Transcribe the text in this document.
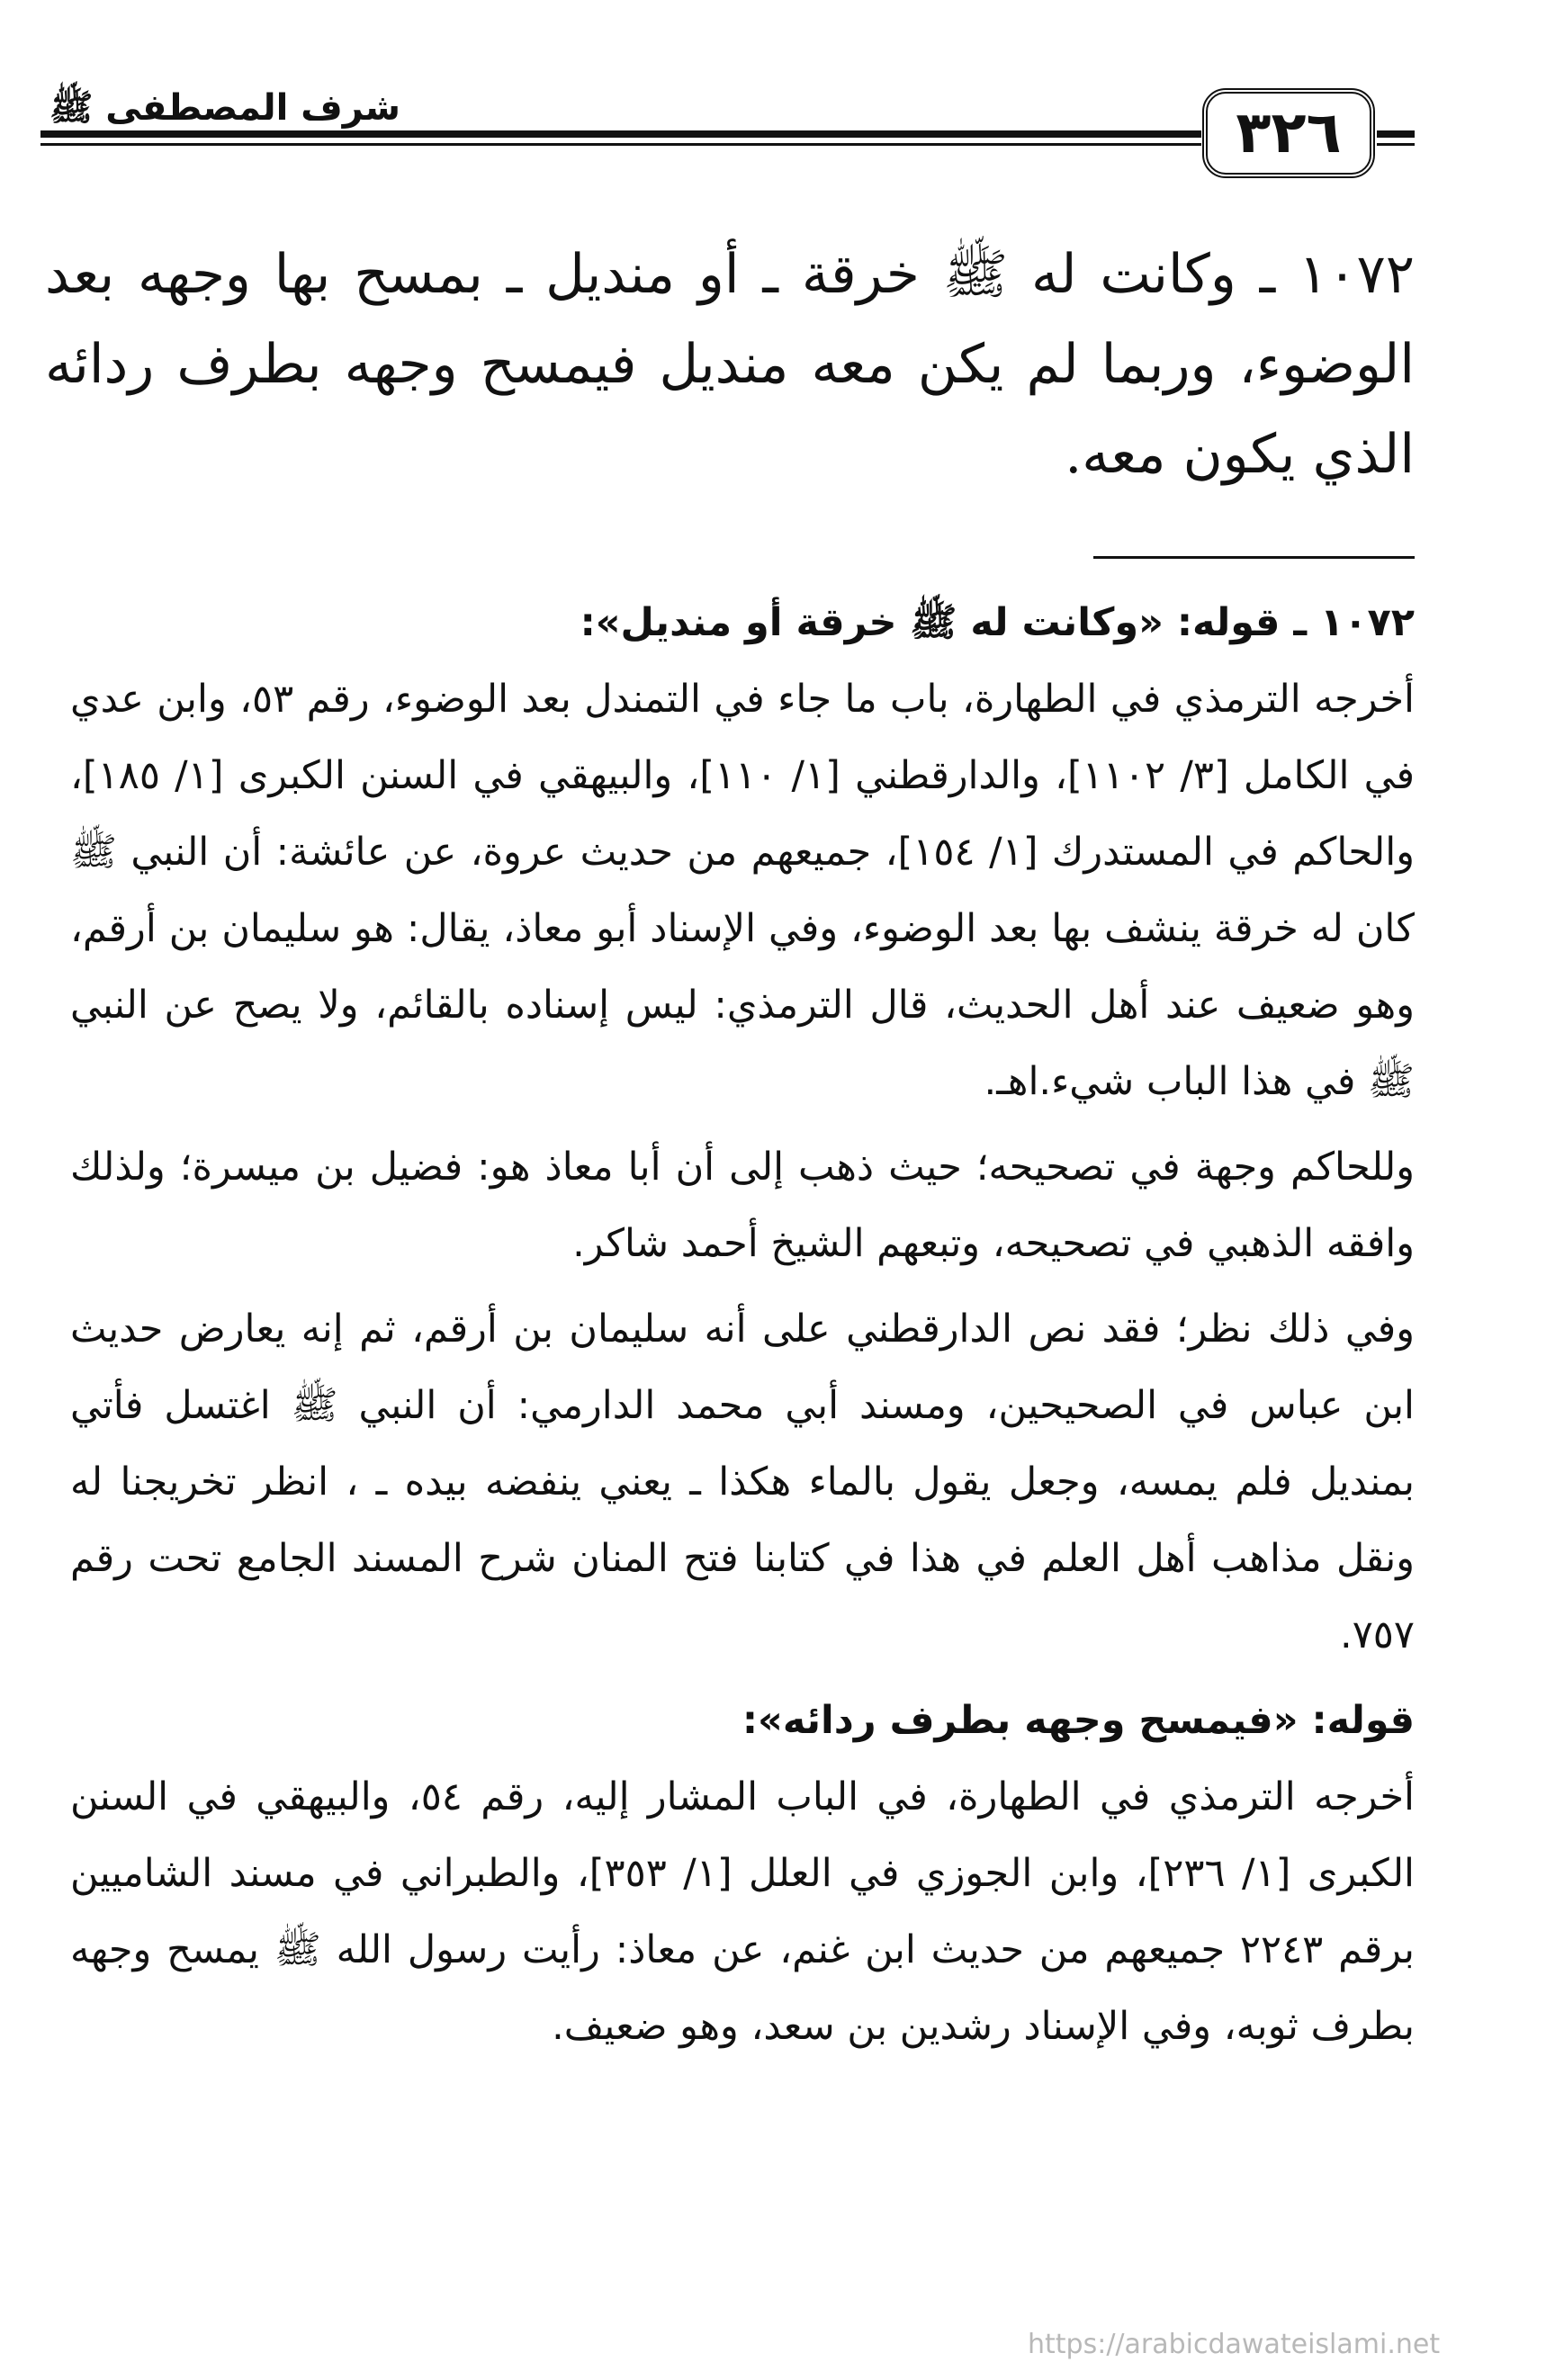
شرف المصطفى ﷺ	٣٢٦
١٠٧٢ ـ وكانت له ﷺ خرقة ـ أو منديل ـ بمسح بها وجهه بعد الوضوء، وربما لم يكن معه منديل فيمسح وجهه بطرف ردائه الذي يكون معه.

١٠٧٢ ـ قوله: «وكانت له ﷺ خرقة أو منديل»:

أخرجه الترمذي في الطهارة، باب ما جاء في التمندل بعد الوضوء، رقم ٥٣، وابن عدي في الكامل [٣/ ١١٠٢]، والدارقطني [١/ ١١٠]، والبيهقي في السنن الكبرى [١/ ١٨٥]، والحاكم في المستدرك [١/ ١٥٤]، جميعهم من حديث عروة، عن عائشة: أن النبي ﷺ كان له خرقة ينشف بها بعد الوضوء، وفي الإسناد أبو معاذ، يقال: هو سليمان بن أرقم، وهو ضعيف عند أهل الحديث، قال الترمذي: ليس إسناده بالقائم، ولا يصح عن النبي ﷺ في هذا الباب شيء.اهـ.

وللحاكم وجهة في تصحيحه؛ حيث ذهب إلى أن أبا معاذ هو: فضيل بن ميسرة؛ ولذلك وافقه الذهبي في تصحيحه، وتبعهم الشيخ أحمد شاكر.

وفي ذلك نظر؛ فقد نص الدارقطني على أنه سليمان بن أرقم، ثم إنه يعارض حديث ابن عباس في الصحيحين، ومسند أبي محمد الدارمي: أن النبي ﷺ اغتسل فأتي بمنديل فلم يمسه، وجعل يقول بالماء هكذا ـ يعني ينفضه بيده ـ ، انظر تخريجنا له ونقل مذاهب أهل العلم في هذا في كتابنا فتح المنان شرح المسند الجامع تحت رقم ٧٥٧.

قوله: «فيمسح وجهه بطرف ردائه»:

أخرجه الترمذي في الطهارة، في الباب المشار إليه، رقم ٥٤، والبيهقي في السنن الكبرى [١/ ٢٣٦]، وابن الجوزي في العلل [١/ ٣٥٣]، والطبراني في مسند الشاميين برقم ٢٢٤٣ جميعهم من حديث ابن غنم، عن معاذ: رأيت رسول الله ﷺ يمسح وجهه بطرف ثوبه، وفي الإسناد رشدين بن سعد، وهو ضعيف.

https://arabicdawateislami.net
